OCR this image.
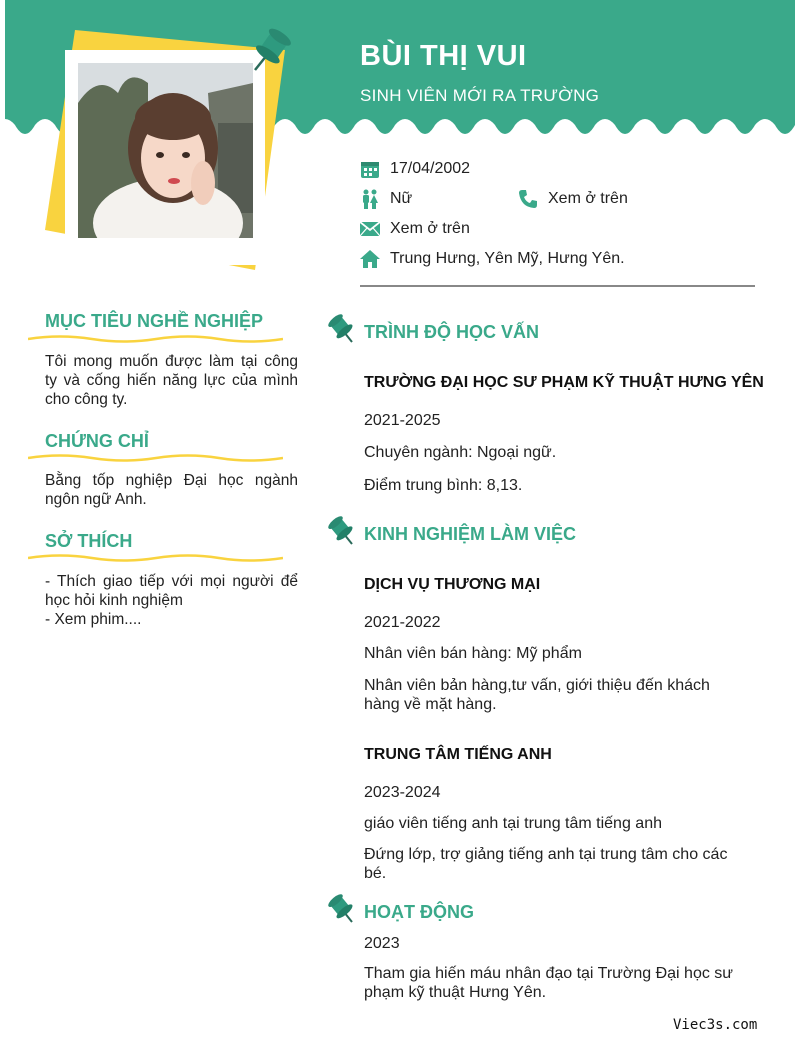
BÙI THỊ VUI
SINH VIÊN MỚI RA TRƯỜNG
17/04/2002
Nữ	Xem ở trên
Xem ở trên
Trung Hưng, Yên Mỹ, Hưng Yên.
MỤC TIÊU NGHỀ NGHIỆP
Tôi mong muốn được làm tại công ty và cống hiến năng lực của mình cho công ty.
CHỨNG CHỈ
Bằng tốp nghiệp Đại học ngành ngôn ngữ Anh.
SỞ THÍCH
- Thích giao tiếp với mọi người để học hỏi kinh nghiệm
- Xem phim....
TRÌNH ĐỘ HỌC VẤN
TRƯỜNG ĐẠI HỌC SƯ PHẠM KỸ THUẬT HƯNG YÊN
2021-2025
Chuyên ngành: Ngoại ngữ.
Điểm trung bình: 8,13.
KINH NGHIỆM LÀM VIỆC
DỊCH VỤ THƯƠNG MẠI
2021-2022
Nhân viên bán hàng: Mỹ phẩm
Nhân viên bản hàng,tư vấn, giới thiệu đến khách hàng về mặt hàng.
TRUNG TÂM TIẾNG ANH
2023-2024
giáo viên tiếng anh tại trung tâm tiếng anh
Đứng lớp, trợ giảng tiếng anh tại trung tâm cho các bé.
HOẠT ĐỘNG
2023
Tham gia hiến máu nhân đạo tại Trường Đại học sư phạm kỹ thuật Hưng Yên.
Viec3s.com
